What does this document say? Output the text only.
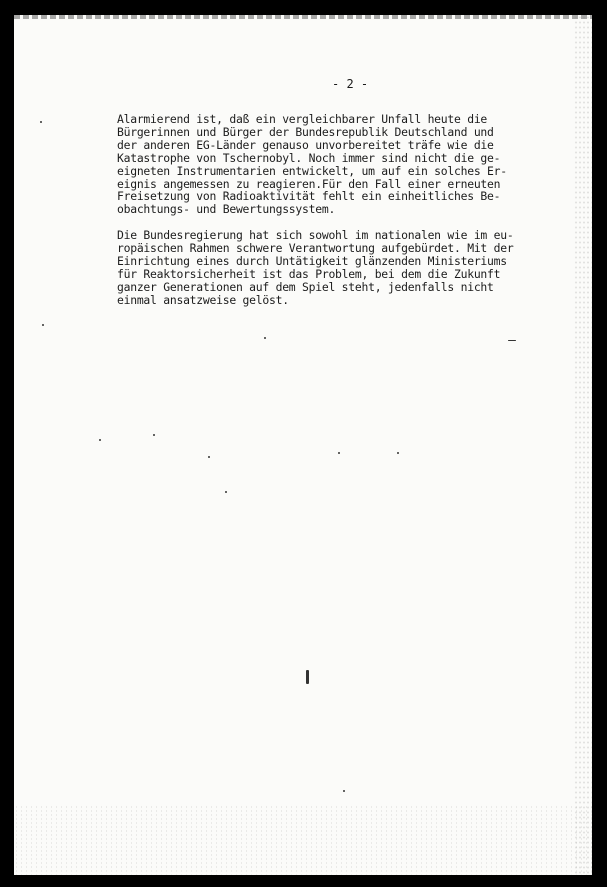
- 2 -
Alarmierend ist, daß ein vergleichbarer Unfall heute die
Bürgerinnen und Bürger der Bundesrepublik Deutschland und
der anderen EG-Länder genauso unvorbereitet träfe wie die
Katastrophe von Tschernobyl. Noch immer sind nicht die ge-
eigneten Instrumentarien entwickelt, um auf ein solches Er-
eignis angemessen zu reagieren.Für den Fall einer erneuten
Freisetzung von Radioaktivität fehlt ein einheitliches Be-
obachtungs- und Bewertungssystem.
Die Bundesregierung hat sich sowohl im nationalen wie im eu-
ropäischen Rahmen schwere Verantwortung aufgebürdet. Mit der
Einrichtung eines durch Untätigkeit glänzenden Ministeriums
für Reaktorsicherheit ist das Problem, bei dem die Zukunft
ganzer Generationen auf dem Spiel steht, jedenfalls nicht
einmal ansatzweise gelöst.
